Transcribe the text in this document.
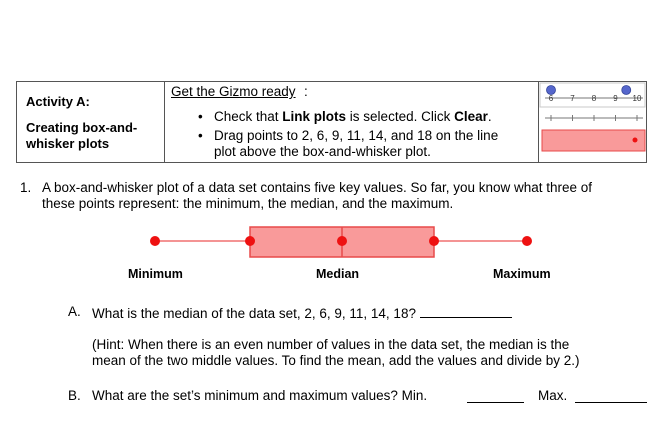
Activity A:
Creating box-and-
whisker plots
Get the Gizmo ready :
• Check that Link plots is selected. Click Clear.
• Drag points to 2, 6, 9, 11, 14, and 18 on the line
plot above the box-and-whisker plot.
6 7 8 9 10
1. A box-and-whisker plot of a data set contains five key values. So far, you know what three of
these points represent: the minimum, the median, and the maximum.
Minimum	Median	Maximum
A. What is the median of the data set, 2, 6, 9, 11, 14, 18?
(Hint: When there is an even number of values in the data set, the median is the
mean of the two middle values. To find the mean, add the values and divide by 2.)
B. What are the set’s minimum and maximum values? Min.	Max.
